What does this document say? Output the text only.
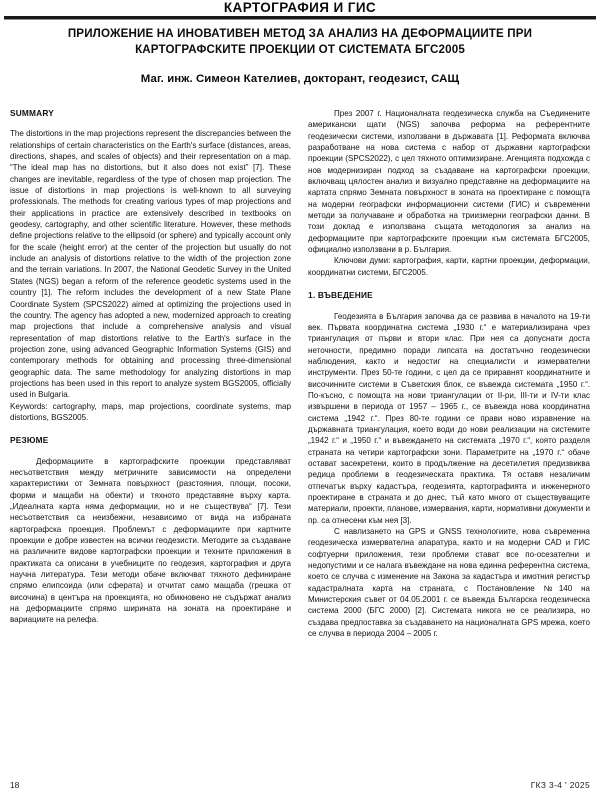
КАРТОГРАФИЯ И ГИС
ПРИЛОЖЕНИЕ НА ИНОВАТИВЕН МЕТОД ЗА АНАЛИЗ НА ДЕФОРМАЦИИТЕ ПРИ КАРТОГРАФСКИТЕ ПРОЕКЦИИ ОТ СИСТЕМАТА БГС2005
Маг. инж. Симеон Кателиев, докторант, геодезист, САЩ
SUMMARY

The distortions in the map projections represent the discrepancies between the relationships of certain characteristics on the Earth's surface (distances, areas, directions, shapes, and scales of objects) and their representation on a map. “The ideal map has no distortions, but it also does not exist” [7]. These changes are inevitable, regardless of the type of chosen map projection. The issue of distortions in map projections is well-known to all surveying professionals. The methods for creating various types of map projections and their applications in practice are extensively described in textbooks on geodesy, cartography, and other scientific literature. However, these methods define projections relative to the ellipsoid (or sphere) and typically account only for the scale (height error) at the center of the projection but usually do not include an analysis of distortions relative to the width of the projection zone and the terrain variations. In 2007, the National Geodetic Survey in the United States (NGS) began a reform of the reference geodetic systems used in the country [1]. The reform includes the development of a new State Plane Coordinate System (SPCS2022) aimed at optimizing the projections used in the country. The agency has adopted a new, modernized approach to creating map projections that include a comprehensive analysis and visual representation of map distortions relative to the Earth's surface in the projection zone, using advanced Geographic Information Systems (GIS) and contemporary methods for obtaining and processing three-dimensional geographic data. The same methodology for analyzing distortions in map projections has been used in this report to analyze system BGS2005, officially used in Bulgaria.

Keywords: cartography, maps, map projections, coordinate systems, map distortions, BGS2005.

РЕЗЮМЕ

Деформациите в картографските проекции представляват несъответствия между метричните зависимости на определени характеристики от Земната повърхност (разстояния, площи, посоки, форми и мащаби на обекти) и тяхното представяне върху карта. „Идеалната карта няма деформации, но и не съществува“ [7]. Тези несъответствия са неизбежни, независимо от вида на избраната картографска проекция. Проблемът с деформациите при картните проекции е добре известен на всички геодезисти. Методите за създаване на различните видове картографски проекции и техните приложения в практиката са описани в учебниците по геодезия, картография и друга научна литература. Тези методи обаче включват тяхното дефиниране спрямо елипсоида (или сферата) и отчитат само мащаба (грешка от височина) в центъра на проекцията, но обикновено не съдържат анализ на деформациите спрямо ширината на зоната на проектиране и вариациите на релефа.

През 2007 г. Националната геодезическа служба на Съединените американски щати (NGS) започва реформа на референтните геодезически системи, използвани в държавата [1]. Реформата включва разработване на нова система с набор от държавни картографски проекции (SPCS2022), с цел тяхното оптимизиране. Агенцията подхожда с нов модернизиран подход за създаване на картографски проекции, включващ цялостен анализ и визуално представяне на деформациите на картата спрямо Земната повърхност в зоната на проектиране с помощта на модерни географски информационни системи (ГИС) и съвременни методи за получаване и обработка на триизмерни географски данни. В този доклад е използвана същата методология за анализ на деформациите при картографските проекции към системата БГС2005, официално използвани в р. България.

Ключови думи: картография, карти, картни проекции, деформации, координатни системи, БГС2005.

1. ВЪВЕДЕНИЕ

Геодезията в България започва да се развива в началото на 19-ти век. Първата координатна система „1930 г.“ е материализирана чрез триангулация от първи и втори клас. При нея са допуснати доста неточности, предимно поради липсата на достатъчно геодезически наблюдения, както и недостиг на специалисти и измервателни инструменти. През 50-те години, с цел да се приравнят координатните и височинните системи в Съветския блок, се въвежда системата „1950 г.“. По-късно, с помощта на нови триангулации от II-ри, III-ти и IV-ти клас извършени в периода от 1957 – 1965 г., се въвежда нова координатна система „1942 г.“. През 80-те години се прави ново изравнение на държавната триангулация, което води до нови реализации на системите „1942 г.“ и „1950 г.“ и въвеждането на системата „1970 г.“, която разделя страната на четири картографски зони. Параметрите на „1970 г.“ обаче остават засекретени, които в продължение на десетилетия предизвиква редица проблеми в геодезическата практика. Тя оставя незаличим отпечатък върху кадастъра, геодезията, картографията и инженерното проектиране в страната и до днес, тъй като много от съществуващите материали, проекти, планове, измервания, карти, нормативни документи и пр. са отнесени към нея [3].

С навлизането на GPS и GNSS технологиите, нова съвременна геодезическа измервателна апаратура, както и на модерни CAD и ГИС софтуерни приложения, тези проблеми стават все по-осезателни и недопустими и се налага въвеждане на нова единна референтна система, което се случва с изменение на Закона за кадастъра и имотния регистър кадастралната карта на страната, с Постановление №140 на Министерския съвет от 04.05.2001 г. се въвежда Българска геодезическа система 2000 (БГС 2000) [2]. Системата никога не се реализира, но създава предпоставка за създаването на националната GPS мрежа, което се случва в периода 2004 – 2005 г.

18	ГКЗ 3-4 ' 2025
